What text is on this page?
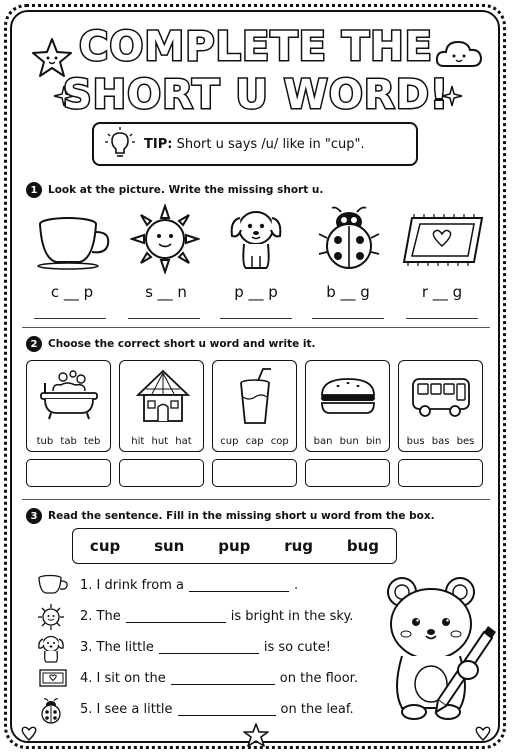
COMPLETE THE
SHORT U WORD!
TIP: Short u says /u/ like in "cup".
1	Look at the picture. Write the missing short u.
c __ p	s __ n	p __ p	b __ g	r __ g
2	Choose the correct short u word and write it.
tub tab teb	hit hut hat	cup cap cop	ban bun bin	bus bas bes
3	Read the sentence. Fill in the missing short u word from the box.
cup sun pup rug bug
1. I drink from a	.
2. The	is bright in the sky.
3. The little	is so cute!
4. I sit on the	on the floor.
5. I see a little	on the leaf.
